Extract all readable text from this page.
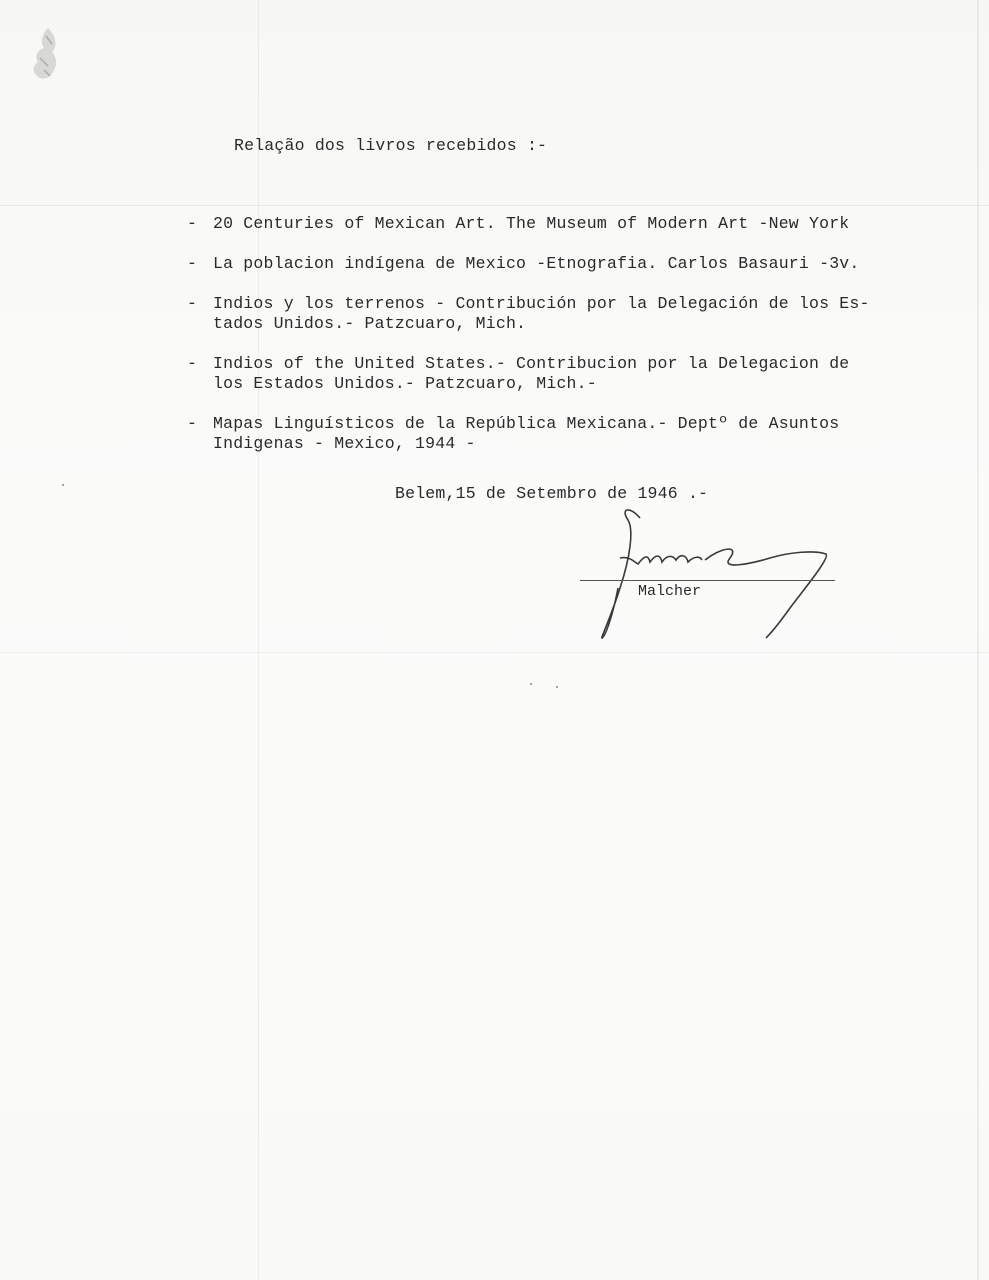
Relação dos livros recebidos :-
- 20 Centuries of Mexican Art. The Museum of Modern Art -New York
- La poblacion indígena de Mexico -Etnografia. Carlos Basauri -3v.
- Indios y los terrenos - Contribución por la Delegación de los Es-
tados Unidos.- Patzcuaro, Mich.
- Indios of the United States.- Contribucion por la Delegacion de
los Estados Unidos.- Patzcuaro, Mich.-
- Mapas Linguísticos de la República Mexicana.- Deptº de Asuntos
Indigenas - Mexico, 1944 -
Belem,15 de Setembro de 1946 .-
Malcher
